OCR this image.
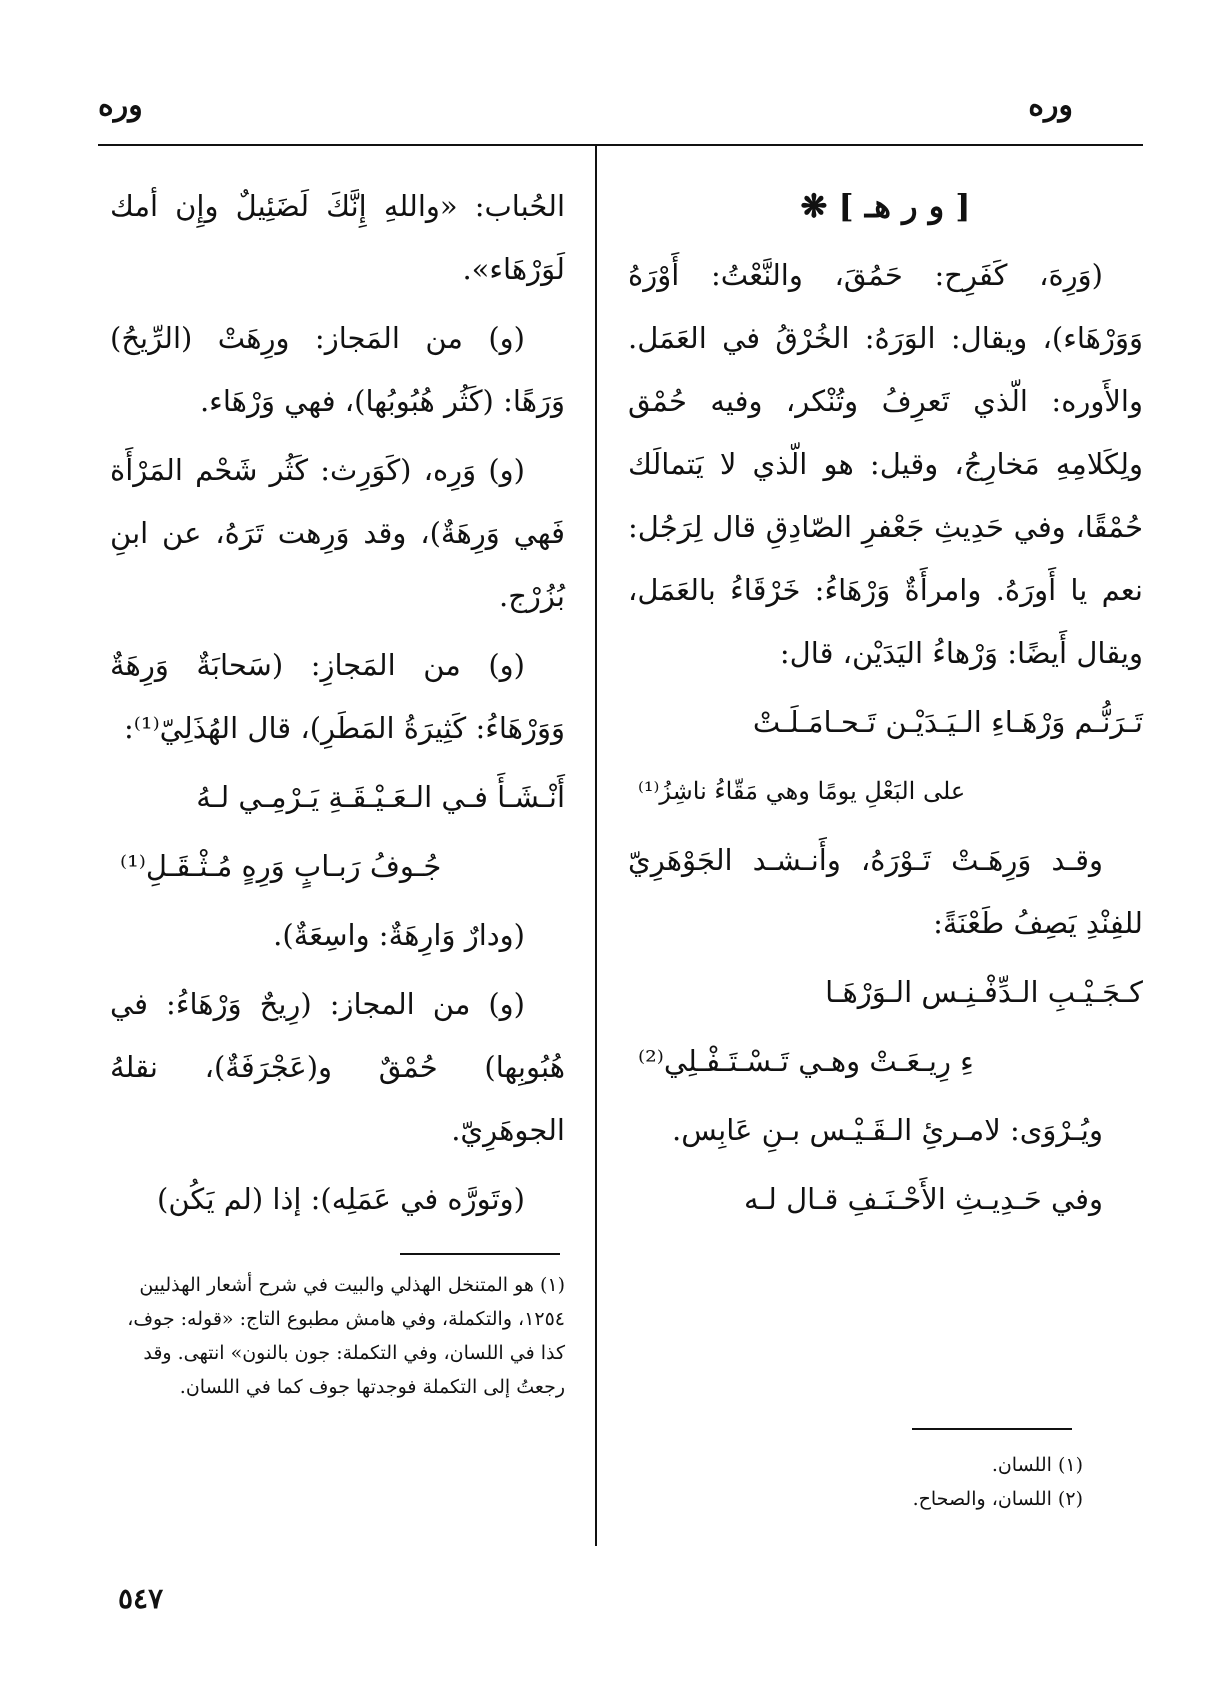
وره
وره

[ و ر هـ ] ❋

(وَرِهَ، كَفَرِح: حَمُقَ، والنَّعْتُ: أَوْرَهُ وَوَرْهَاء)، ويقال: الوَرَهُ: الخُرْقُ في العَمَل. والأَوره: الّذي تَعرِفُ وتُنْكر، وفيه حُمْق ولِكَلامِهِ مَخارِجُ، وقيل: هو الّذي لا يَتمالَك حُمْقًا، وفي حَدِيثِ جَعْفرِ الصّادِقِ قال لِرَجُل: نعم يا أَورَهُ. وامرأَةٌ وَرْهَاءُ: خَرْقَاءُ بالعَمَل، ويقال أَيضًا: وَرْهاءُ اليَدَيْن، قال:

تَـرَنُّـم وَرْهَـاءِ الـيَـدَيْـن تَـحـامَـلَـتْ

على البَعْلِ يومًا وهي مَقّاءُ ناشِزُ⁽¹⁾

وقـد وَرِهَـتْ تَـوْرَهُ، وأَنـشـد الجَوْهَرِيّ للفِنْدِ يَصِفُ طَعْنَةً:

كـجَـيْـبِ الـدِّفْـنِـس الـوَرْهَـا

ءِ رِيـعَـتْ وهـي تَـسْـتَـفْـلِي⁽²⁾

ويُـرْوَى: لامـرئِ الـقَـيْـس بـنِ عَابِس.

وفي حَـدِيـثِ الأَحْـنَـفِ قـال لـه

(١) اللسان.

(٢) اللسان، والصحاح.

الحُباب: «واللهِ إِنَّكَ لَضَئِيلٌ وإِن أمك لَوَرْهَاء».

(و) من المَجاز: ورِهَتْ (الرِّيحُ) وَرَهًا: (كَثُر هُبُوبُها)، فهي وَرْهَاء.

(و) وَرِه، (كَوَرِث: كَثُر شَحْم المَرْأَة فَهي وَرِهَةٌ)، وقد وَرِهت تَرَهُ، عن ابنِ بُزُرْج.

(و) من المَجازِ: (سَحابَةٌ وَرِهَةٌ وَوَرْهَاءُ: كَثِيرَةُ المَطَرِ)، قال الهُذَلِيّ⁽¹⁾:

أَنْـشَـأَ فـي الـعَـيْـقَـةِ يَـرْمِـي لـهُ

جُـوفُ رَبـابٍ وَرِهٍ مُـثْـقَـلِ⁽¹⁾

(ودارٌ وَارِهَةٌ: واسِعَةٌ).

(و) من المجاز: (رِيحٌ وَرْهَاءُ: في هُبُوبِها) حُمْقٌ و(عَجْرَفَةٌ)، نقلهُ الجوهَرِيّ.

(وتَورَّه في عَمَلِه): إذا (لم يَكُن)

(١) هو المتنخل الهذلي والبيت في شرح أشعار الهذليين ١٢٥٤، والتكملة، وفي هامش مطبوع التاج: «قوله: جوف، كذا في اللسان، وفي التكملة: جون بالنون» انتهى. وقد رجعتُ إلى التكملة فوجدتها جوف كما في اللسان.

٥٤٧
